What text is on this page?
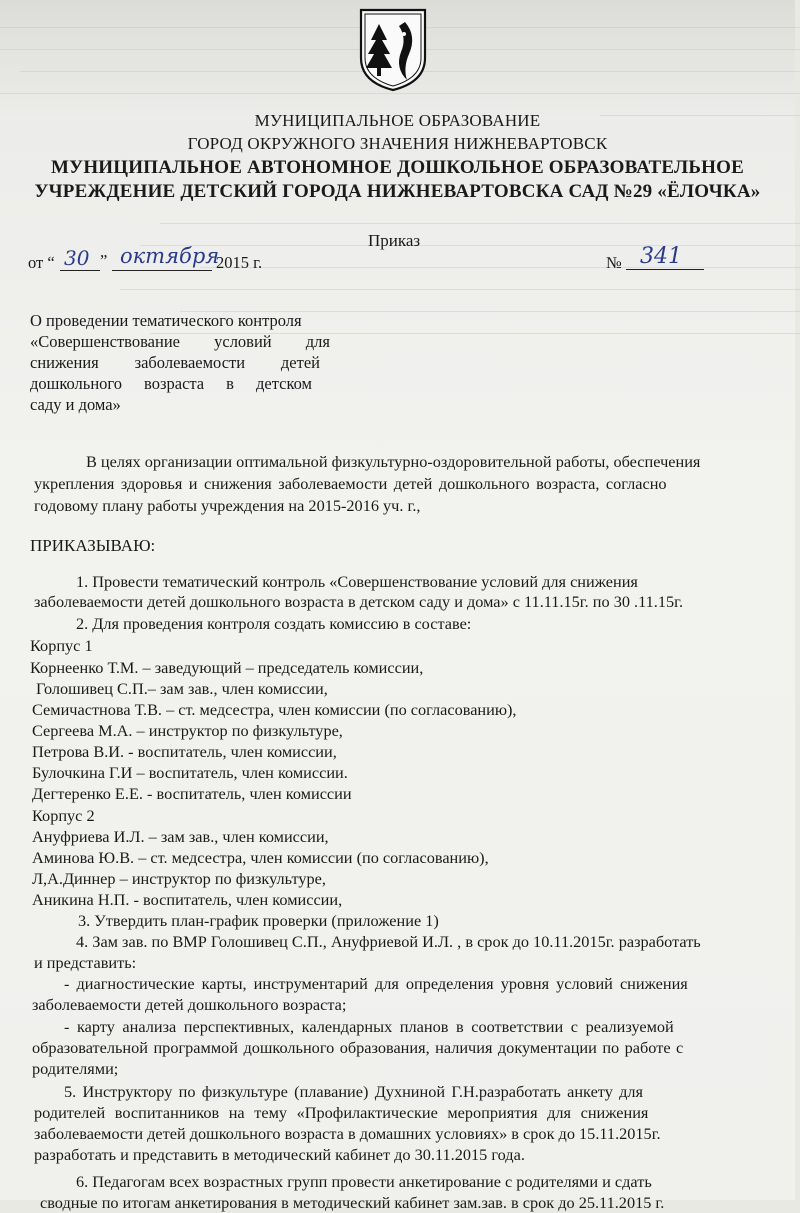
МУНИЦИПАЛЬНОЕ ОБРАЗОВАНИЕ
ГОРОД ОКРУЖНОГО ЗНАЧЕНИЯ НИЖНЕВАРТОВСК
МУНИЦИПАЛЬНОЕ АВТОНОМНОЕ ДОШКОЛЬНОЕ ОБРАЗОВАТЕЛЬНОЕ
УЧРЕЖДЕНИЕ ДЕТСКИЙ ГОРОДА НИЖНЕВАРТОВСКА САД №29 «ЁЛОЧКА»
Приказ
от “ 30 ” октября
2015 г.	№ 341
О проведении тематического контроля
«Совершенствование условий для
снижения заболеваемости детей
дошкольного возраста в детском
саду и дома»
В целях организации оптимальной физкультурно-оздоровительной работы, обеспечения
укрепления здоровья и снижения заболеваемости детей дошкольного возраста, согласно
годовому плану работы учреждения на 2015-2016 уч. г.,
ПРИКАЗЫВАЮ:
1. Провести тематический контроль «Совершенствование условий для снижения
заболеваемости детей дошкольного возраста в детском саду и дома» с 11.11.15г. по 30 .11.15г.
2. Для проведения контроля создать комиссию в составе:
Корпус 1
Корнеенко Т.М. – заведующий – председатель комиссии,
Голошивец С.П.– зам зав., член комиссии,
Семичастнова Т.В. – ст. медсестра, член комиссии (по согласованию),
Сергеева М.А. – инструктор по физкультуре,
Петрова В.И. - воспитатель, член комиссии,
Булочкина Г.И – воспитатель, член комиссии.
Дегтеренко Е.Е. - воспитатель, член комиссии
Корпус 2
Ануфриева И.Л. – зам зав., член комиссии,
Аминова Ю.В. – ст. медсестра, член комиссии (по согласованию),
Л,А.Диннер – инструктор по физкультуре,
Аникина Н.П. - воспитатель, член комиссии,
3. Утвердить план-график проверки (приложение 1)
4. Зам зав. по ВМР Голошивец С.П., Ануфриевой И.Л. , в срок до 10.11.2015г. разработать
и представить:
- диагностические карты, инструментарий для определения уровня условий снижения
заболеваемости детей дошкольного возраста;
- карту анализа перспективных, календарных планов в соответствии с реализуемой
образовательной программой дошкольного образования, наличия документации по работе с
родителями;
5. Инструктору по физкультуре (плавание) Духниной Г.Н.разработать анкету для
родителей воспитанников на тему «Профилактические мероприятия для снижения
заболеваемости детей дошкольного возраста в домашних условиях» в срок до 15.11.2015г.
разработать и представить в методический кабинет до 30.11.2015 года.
6. Педагогам всех возрастных групп провести анкетирование с родителями и сдать
сводные по итогам анкетирования в методический кабинет зам.зав. в срок до 25.11.2015 г.
